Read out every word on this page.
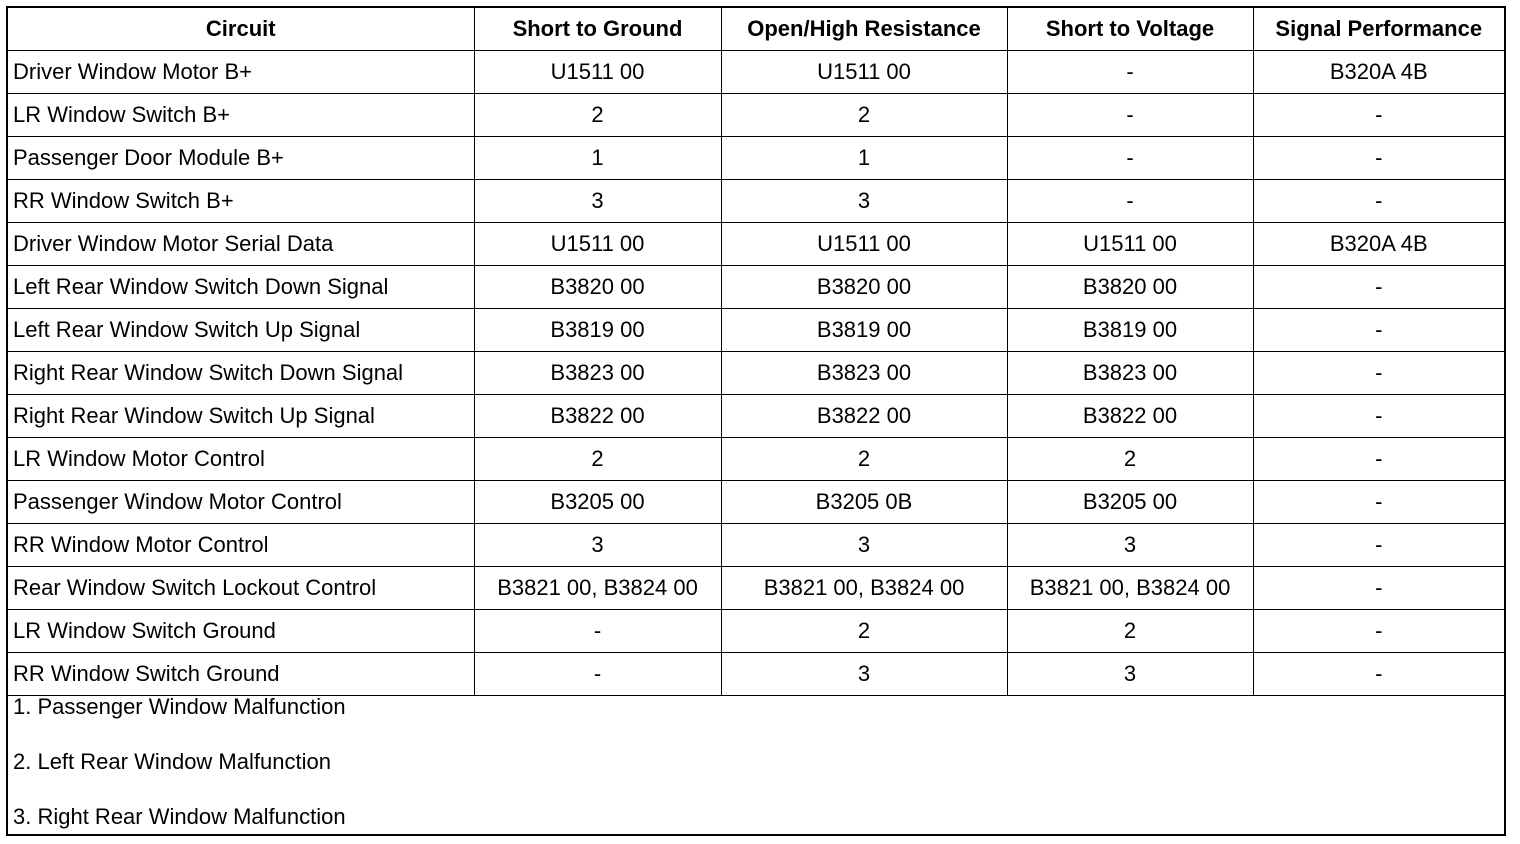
Circuit	Short to Ground	Open/High Resistance	Short to Voltage	Signal Performance
Driver Window Motor B+	U1511 00	U1511 00	-	B320A 4B
LR Window Switch B+	2	2	-	-
Passenger Door Module B+	1	1	-	-
RR Window Switch B+	3	3	-	-
Driver Window Motor Serial Data	U1511 00	U1511 00	U1511 00	B320A 4B
Left Rear Window Switch Down Signal	B3820 00	B3820 00	B3820 00	-
Left Rear Window Switch Up Signal	B3819 00	B3819 00	B3819 00	-
Right Rear Window Switch Down Signal	B3823 00	B3823 00	B3823 00	-
Right Rear Window Switch Up Signal	B3822 00	B3822 00	B3822 00	-
LR Window Motor Control	2	2	2	-
Passenger Window Motor Control	B3205 00	B3205 0B	B3205 00	-
RR Window Motor Control	3	3	3	-
Rear Window Switch Lockout Control	B3821 00, B3824 00	B3821 00, B3824 00	B3821 00, B3824 00	-
LR Window Switch Ground	-	2	2	-
RR Window Switch Ground	-	3	3	-
1. Passenger Window Malfunction
2. Left Rear Window Malfunction
3. Right Rear Window Malfunction
